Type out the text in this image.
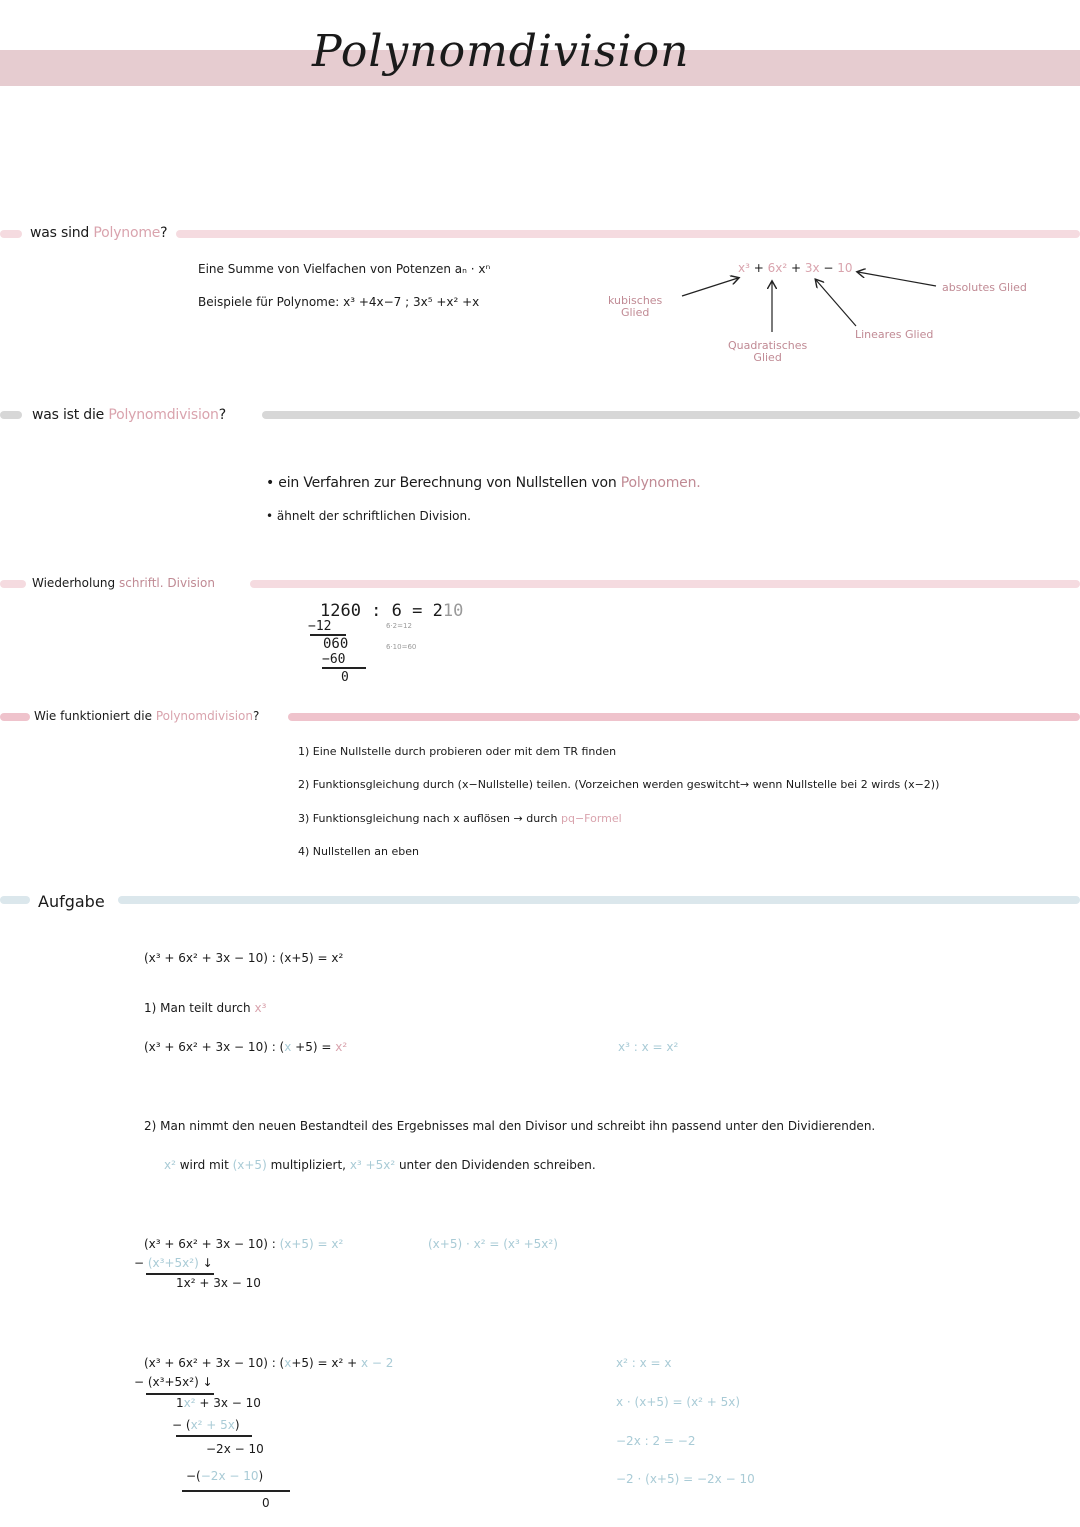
Polynomdivision
was sind Polynome?
Eine Summe von Vielfachen von Potenzen aₙ · xⁿ
Beispiele für Polynome: x³ +4x−7 ; 3x⁵ +x² +x
x³ + 6x² + 3x − 10
kubisches
Glied
Quadratisches
Glied
Lineares Glied
absolutes Glied
was ist die Polynomdivision?
• ein Verfahren zur Berechnung von Nullstellen von Polynomen.
• ähnelt der schriftlichen Division.
Wiederholung schriftl. Division
1260 : 6 = 210
−12	6·2=12
060	6·10=60
−60
0
Wie funktioniert die Polynomdivision?
1) Eine Nullstelle durch probieren oder mit dem TR finden
2) Funktionsgleichung durch (x−Nullstelle) teilen. (Vorzeichen werden geswitcht→ wenn Nullstelle bei 2 wirds (x−2))
3) Funktionsgleichung nach x auflösen → durch pq−Formel
4) Nullstellen an eben
Aufgabe
(x³ + 6x² + 3x − 10) : (x+5) = x²
1) Man teilt durch x³
(x³ + 6x² + 3x − 10) : (x +5) = x²	x³ : x = x²
2) Man nimmt den neuen Bestandteil des Ergebnisses mal den Divisor und schreibt ihn passend unter den Dividierenden.
x² wird mit (x+5) multipliziert, x³ +5x² unter den Dividenden schreiben.
(x³ + 6x² + 3x − 10) : (x+5) = x²
− (x³+5x²) ↓
1x² + 3x − 10
(x+5) · x² = (x³ +5x²)
(x³ + 6x² + 3x − 10) : (x+5) = x² + x − 2
− (x³+5x²) ↓
1x² + 3x − 10
− (x² + 5x)
−2x − 10
−(−2x − 10)
0
x² : x = x
x · (x+5) = (x² + 5x)
−2x : 2 = −2
−2 · (x+5) = −2x − 10
